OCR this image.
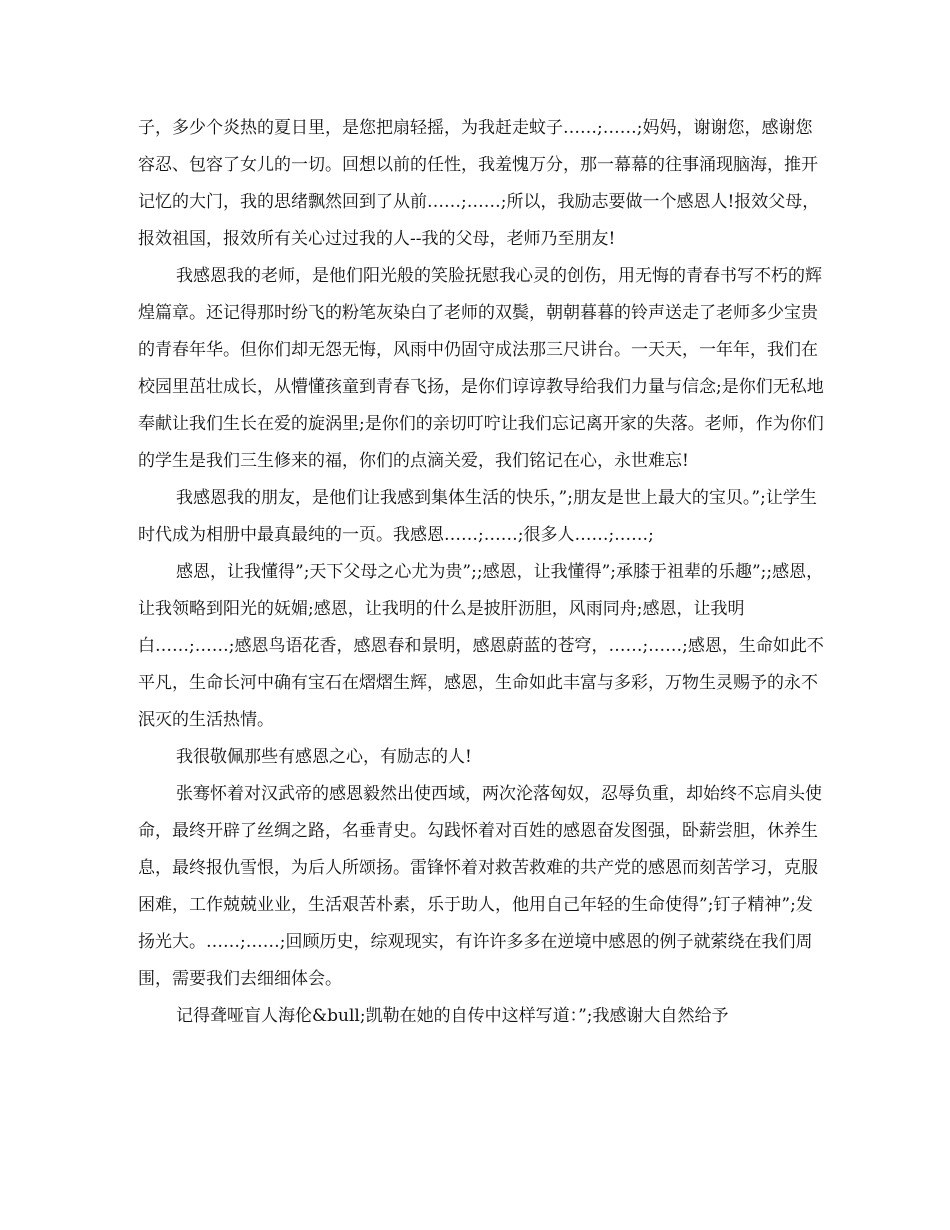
子，多少个炎热的夏日里，是您把扇轻摇，为我赶走蚊子……;……;妈妈，谢谢您，感谢您容忍、包容了女儿的一切。回想以前的任性，我羞愧万分，那一幕幕的往事涌现脑海，推开记忆的大门，我的思绪飘然回到了从前……;……;所以，我励志要做一个感恩人!报效父母，报效祖国，报效所有关心过过我的人--我的父母，老师乃至朋友!

我感恩我的老师，是他们阳光般的笑脸抚慰我心灵的创伤，用无悔的青春书写不朽的辉煌篇章。还记得那时纷飞的粉笔灰染白了老师的双鬓，朝朝暮暮的铃声送走了老师多少宝贵的青春年华。但你们却无怨无悔，风雨中仍固守成法那三尺讲台。一天天，一年年，我们在校园里茁壮成长，从懵懂孩童到青春飞扬，是你们谆谆教导给我们力量与信念;是你们无私地奉献让我们生长在爱的旋涡里;是你们的亲切叮咛让我们忘记离开家的失落。老师，作为你们的学生是我们三生修来的福，你们的点滴关爱，我们铭记在心，永世难忘!

我感恩我的朋友，是他们让我感到集体生活的快乐，”;朋友是世上最大的宝贝。”;让学生时代成为相册中最真最纯的一页。我感恩……;……;很多人……;……;

感恩，让我懂得”;天下父母之心尤为贵”;;感恩，让我懂得”;承膝于祖辈的乐趣”;;感恩，让我领略到阳光的妩媚;感恩，让我明的什么是披肝沥胆，风雨同舟;感恩，让我明白……;……;感恩鸟语花香，感恩春和景明，感恩蔚蓝的苍穹，……;……;感恩，生命如此不平凡，生命长河中确有宝石在熠熠生辉，感恩，生命如此丰富与多彩，万物生灵赐予的永不泯灭的生活热情。

我很敬佩那些有感恩之心，有励志的人!

张骞怀着对汉武帝的感恩毅然出使西域，两次沦落匈奴，忍辱负重，却始终不忘肩头使命，最终开辟了丝绸之路，名垂青史。勾践怀着对百姓的感恩奋发图强，卧薪尝胆，休养生息，最终报仇雪恨，为后人所颂扬。雷锋怀着对救苦救难的共产党的感恩而刻苦学习，克服困难，工作兢兢业业，生活艰苦朴素，乐于助人，他用自己年轻的生命使得”;钉子精神”;发扬光大。……;……;回顾历史，综观现实，有许许多多在逆境中感恩的例子就萦绕在我们周围，需要我们去细细体会。

记得聋哑盲人海伦&bull;凯勒在她的自传中这样写道：”;我感谢大自然给予
